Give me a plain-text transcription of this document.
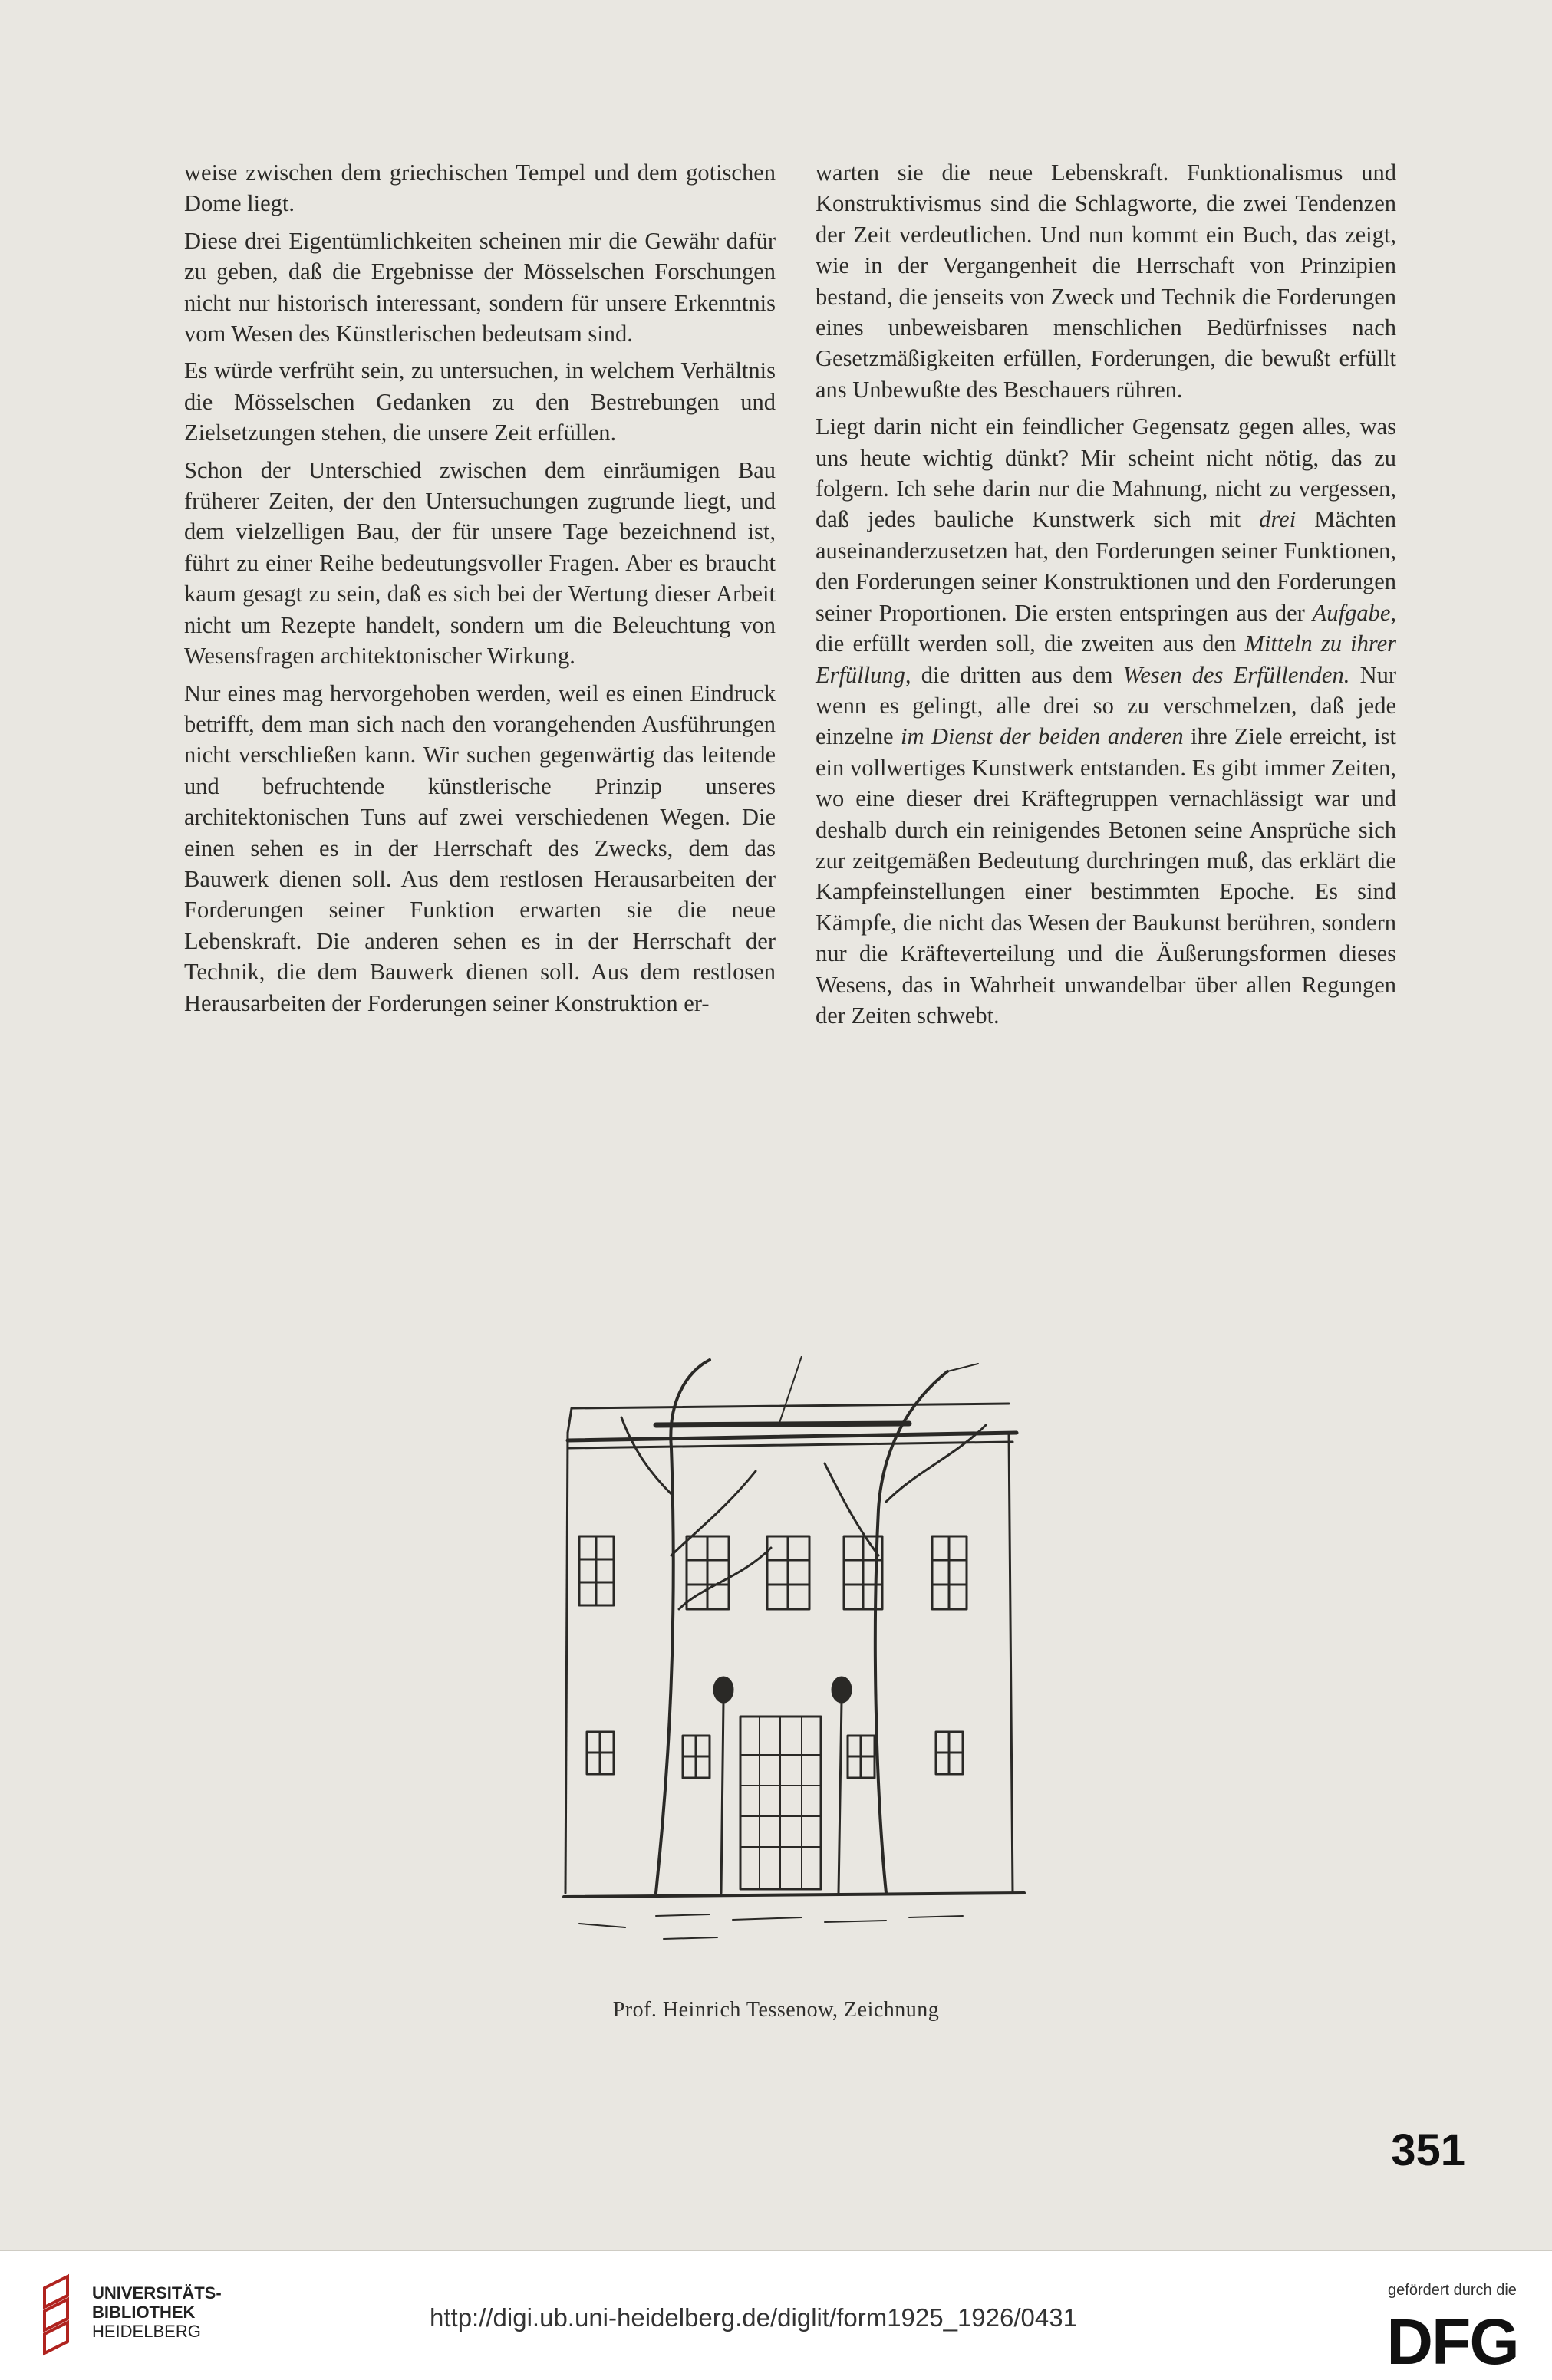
weise zwischen dem griechischen Tempel und dem gotischen Dome liegt.

Diese drei Eigentümlichkeiten scheinen mir die Gewähr dafür zu geben, daß die Ergebnisse der Mösselschen Forschungen nicht nur historisch interessant, sondern für unsere Erkenntnis vom Wesen des Künstlerischen bedeutsam sind.

Es würde verfrüht sein, zu untersuchen, in welchem Verhältnis die Mösselschen Gedanken zu den Bestrebungen und Zielsetzungen stehen, die unsere Zeit erfüllen.

Schon der Unterschied zwischen dem einräumigen Bau früherer Zeiten, der den Untersuchungen zugrunde liegt, und dem vielzelligen Bau, der für unsere Tage bezeichnend ist, führt zu einer Reihe bedeutungsvoller Fragen. Aber es braucht kaum gesagt zu sein, daß es sich bei der Wertung dieser Arbeit nicht um Rezepte handelt, sondern um die Beleuchtung von Wesensfragen architektonischer Wirkung.

Nur eines mag hervorgehoben werden, weil es einen Eindruck betrifft, dem man sich nach den vorangehenden Ausführungen nicht verschließen kann. Wir suchen gegenwärtig das leitende und befruchtende künstlerische Prinzip unseres architektonischen Tuns auf zwei verschiedenen Wegen. Die einen sehen es in der Herrschaft des Zwecks, dem das Bauwerk dienen soll. Aus dem restlosen Herausarbeiten der Forderungen seiner Funktion erwarten sie die neue Lebenskraft. Die anderen sehen es in der Herrschaft der Technik, die dem Bauwerk dienen soll. Aus dem restlosen Herausarbeiten der Forderungen seiner Konstruktion er-

warten sie die neue Lebenskraft. Funktionalismus und Konstruktivismus sind die Schlagworte, die zwei Tendenzen der Zeit verdeutlichen. Und nun kommt ein Buch, das zeigt, wie in der Vergangenheit die Herrschaft von Prinzipien bestand, die jenseits von Zweck und Technik die Forderungen eines unbeweisbaren menschlichen Bedürfnisses nach Gesetzmäßigkeiten erfüllen, Forderungen, die bewußt erfüllt ans Unbewußte des Beschauers rühren.

Liegt darin nicht ein feindlicher Gegensatz gegen alles, was uns heute wichtig dünkt? Mir scheint nicht nötig, das zu folgern. Ich sehe darin nur die Mahnung, nicht zu vergessen, daß jedes bauliche Kunstwerk sich mit drei Mächten auseinanderzusetzen hat, den Forderungen seiner Funktionen, den Forderungen seiner Konstruktionen und den Forderungen seiner Proportionen. Die ersten entspringen aus der Aufgabe, die erfüllt werden soll, die zweiten aus den Mitteln zu ihrer Erfüllung, die dritten aus dem Wesen des Erfüllenden. Nur wenn es gelingt, alle drei so zu verschmelzen, daß jede einzelne im Dienst der beiden anderen ihre Ziele erreicht, ist ein vollwertiges Kunstwerk entstanden. Es gibt immer Zeiten, wo eine dieser drei Kräftegruppen vernachlässigt war und deshalb durch ein reinigendes Betonen seine Ansprüche sich zur zeitgemäßen Bedeutung durchringen muß, das erklärt die Kampfeinstellungen einer bestimmten Epoche. Es sind Kämpfe, die nicht das Wesen der Baukunst berühren, sondern nur die Kräfteverteilung und die Äußerungsformen dieses Wesens, das in Wahrheit unwandelbar über allen Regungen der Zeiten schwebt.

Prof. Heinrich Tessenow, Zeichnung
351
UNIVERSITÄTS-
BIBLIOTHEK
HEIDELBERG	http://digi.ub.uni-heidelberg.de/diglit/form1925_1926/0431
gefördert durch die
DFG
